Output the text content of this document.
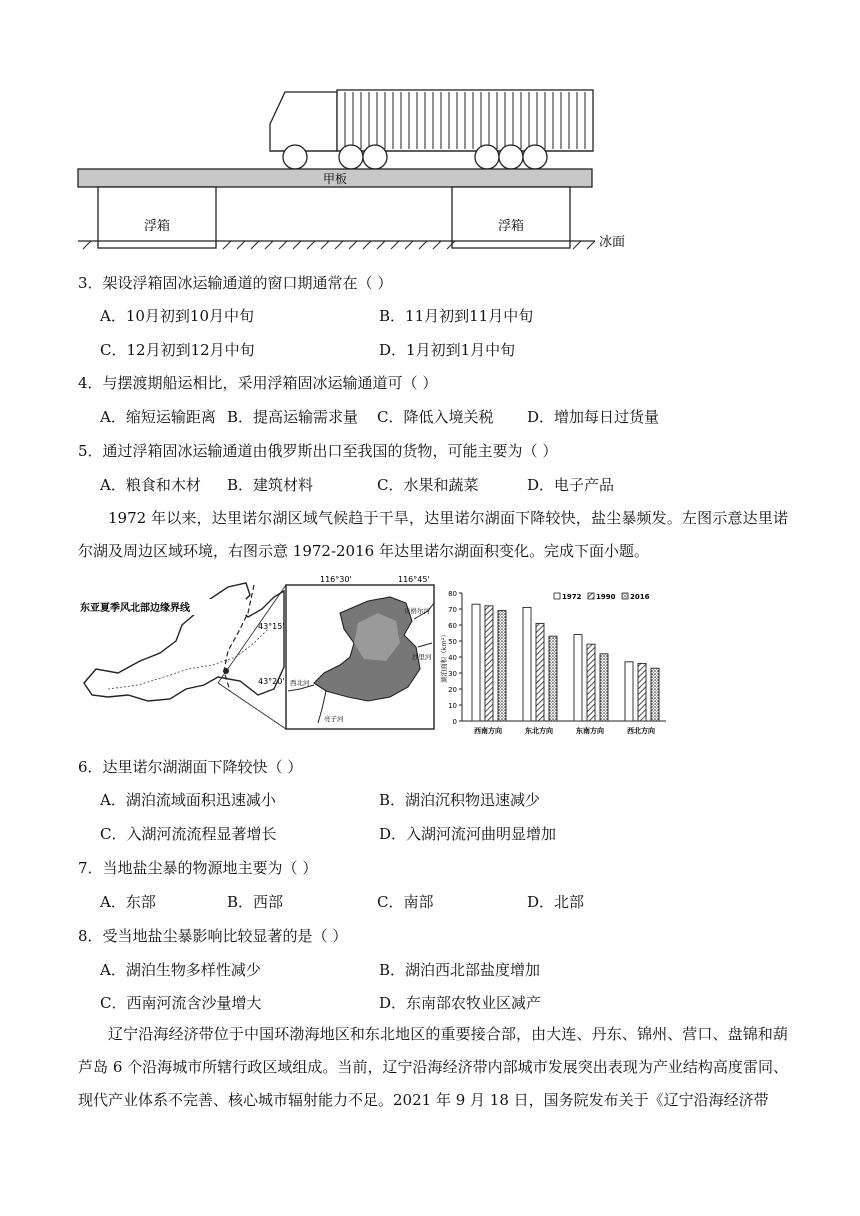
甲板
浮箱	浮箱
冰面
3．架设浮箱固冰运输通道的窗口期通常在（ ）
A．10月初到10月中旬	B．11月初到11月中旬
C．12月初到12月中旬	D．1月初到1月中旬
4．与摆渡期船运相比，采用浮箱固冰运输通道可（ ）
A．缩短运输距离 B．提高运输需求量 C．降低入境关税 D．增加每日过货量
5．通过浮箱固冰运输通道由俄罗斯出口至我国的货物，可能主要为（ ）
A．粮食和木材 B．建筑材料	C．水果和蔬菜	D．电子产品

1972 年以来，达里诺尔湖区域气候趋于干旱，达里诺尔湖面下降较快，盐尘暴频发。左图示意达里诺尔湖及周边区域环境，右图示意 1972-2016 年达里诺尔湖面积变化。完成下面小题。

东亚夏季风北部边缘界线
116°30'	116°45'
43°15'
43°20'
贡格尔河
沙里河
亮子河
西北河
0
10
20
30
40
50
60
70
80
湖泊面积（km²）
西南方向	东北方向	东南方向	西北方向
1972 1990 2016
6．达里诺尔湖湖面下降较快（ ）
A．湖泊流域面积迅速减小	B．湖泊沉积物迅速减少
C．入湖河流流程显著增长	D．入湖河流河曲明显增加
7．当地盐尘暴的物源地主要为（ ）
A．东部	B．西部	C．南部	D．北部
8．受当地盐尘暴影响比较显著的是（ ）
A．湖泊生物多样性减少	B．湖泊西北部盐度增加
C．西南河流含沙量增大	D．东南部农牧业区减产

辽宁沿海经济带位于中国环渤海地区和东北地区的重要接合部，由大连、丹东、锦州、营口、盘锦和葫芦岛 6 个沿海城市所辖行政区域组成。当前，辽宁沿海经济带内部城市发展突出表现为产业结构高度雷同、现代产业体系不完善、核心城市辐射能力不足。2021 年 9 月 18 日，国务院发布关于《辽宁沿海经济带
